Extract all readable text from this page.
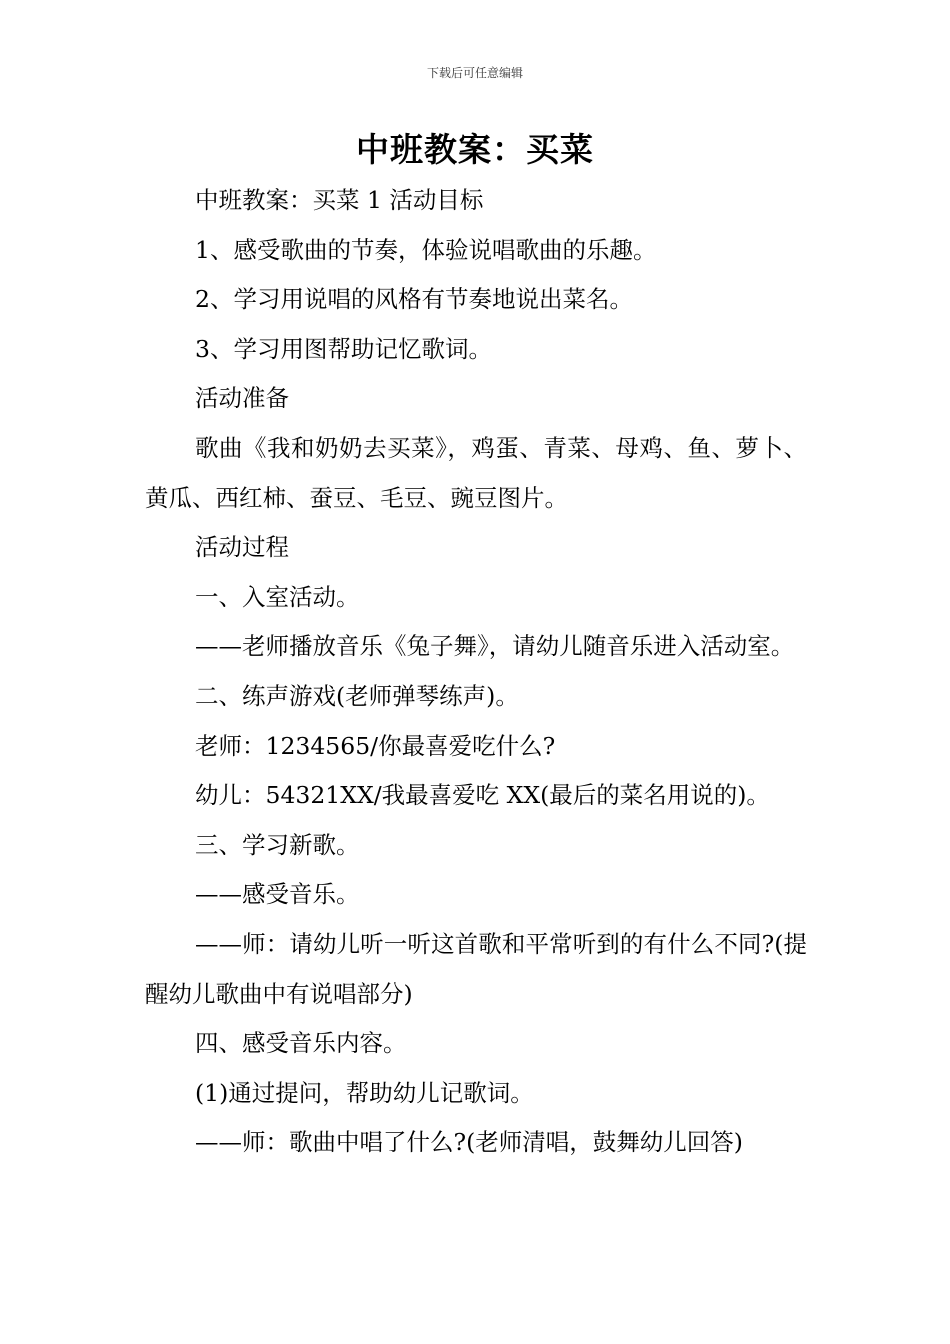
下载后可任意编辑
中班教案：买菜

中班教案：买菜 1 活动目标

1、感受歌曲的节奏，体验说唱歌曲的乐趣。

2、学习用说唱的风格有节奏地说出菜名。

3、学习用图帮助记忆歌词。

活动准备

歌曲《我和奶奶去买菜》，鸡蛋、青菜、母鸡、鱼、萝卜、黄瓜、西红柿、蚕豆、毛豆、豌豆图片。

活动过程

一、入室活动。

——老师播放音乐《兔子舞》，请幼儿随音乐进入活动室。

二、练声游戏(老师弹琴练声)。

老师：1234565/你最喜爱吃什么?

幼儿：54321XX/我最喜爱吃 XX(最后的菜名用说的)。

三、学习新歌。

——感受音乐。

——师：请幼儿听一听这首歌和平常听到的有什么不同?(提醒幼儿歌曲中有说唱部分)

四、感受音乐内容。

(1)通过提问，帮助幼儿记歌词。

——师：歌曲中唱了什么?(老师清唱，鼓舞幼儿回答)
